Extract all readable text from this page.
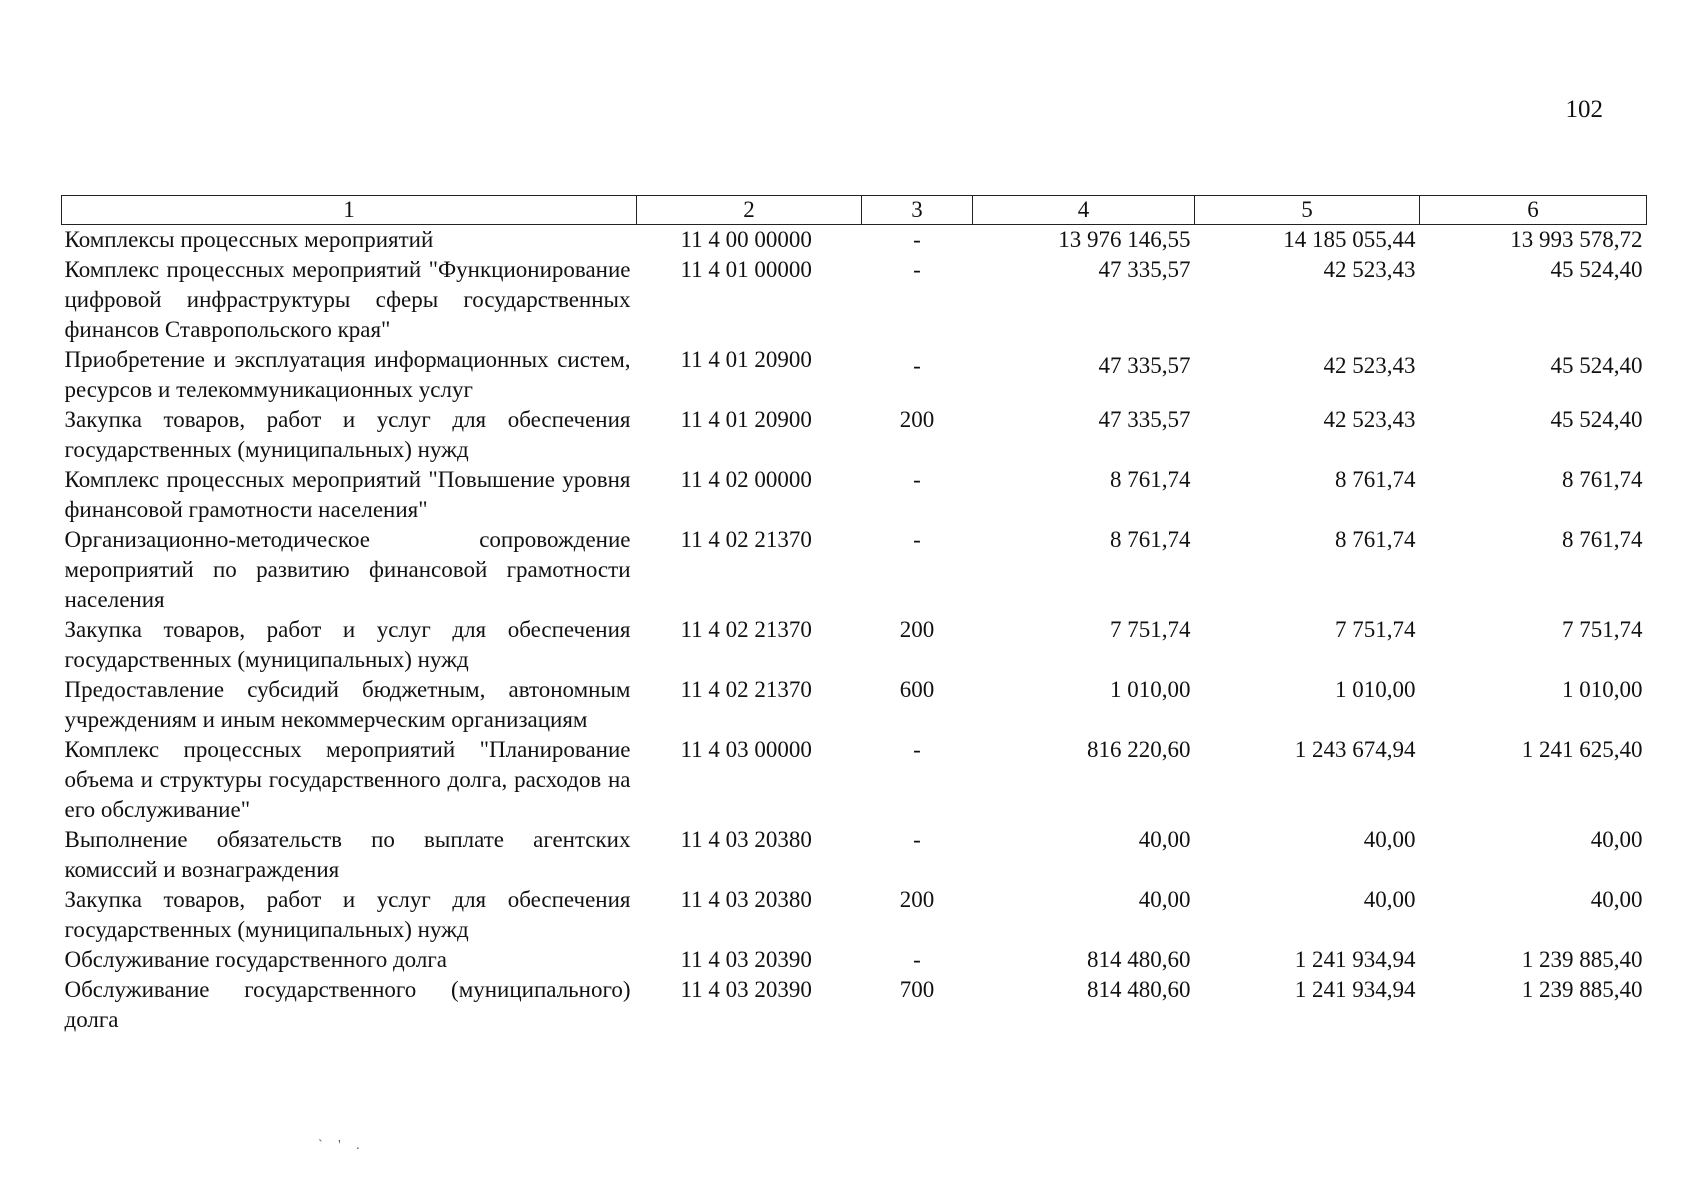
102
1	2	3	4	5	6
Комплексы процессных мероприятий	11 4 00 00000	-	13 976 146,55	14 185 055,44	13 993 578,72
Комплекс процессных мероприятий "Функционирование цифровой инфраструктуры сферы государственных финансов Ставропольского края"	11 4 01 00000	-	47 335,57	42 523,43	45 524,40
Приобретение и эксплуатация информационных систем, ресурсов и телекоммуникационных услуг	11 4 01 20900	-	47 335,57	42 523,43	45 524,40
Закупка товаров, работ и услуг для обеспечения государственных (муниципальных) нужд	11 4 01 20900	200	47 335,57	42 523,43	45 524,40
Комплекс процессных мероприятий "Повышение уровня финансовой грамотности населения"	11 4 02 00000	-	8 761,74	8 761,74	8 761,74
Организационно-методическое сопровождение мероприятий по развитию финансовой грамотности населения	11 4 02 21370	-	8 761,74	8 761,74	8 761,74
Закупка товаров, работ и услуг для обеспечения государственных (муниципальных) нужд	11 4 02 21370	200	7 751,74	7 751,74	7 751,74
Предоставление субсидий бюджетным, автономным учреждениям и иным некоммерческим организациям	11 4 02 21370	600	1 010,00	1 010,00	1 010,00
Комплекс процессных мероприятий "Планирование объема и структуры государственного долга, расходов на его обслуживание"	11 4 03 00000	-	816 220,60	1 243 674,94	1 241 625,40
Выполнение обязательств по выплате агентских комиссий и вознаграждения	11 4 03 20380	-	40,00	40,00	40,00
Закупка товаров, работ и услуг для обеспечения государственных (муниципальных) нужд	11 4 03 20380	200	40,00	40,00	40,00
Обслуживание государственного долга	11 4 03 20390	-	814 480,60	1 241 934,94	1 239 885,40
Обслуживание государственного (муниципального) долга	11 4 03 20390	700	814 480,60	1 241 934,94	1 239 885,40
` ' .
